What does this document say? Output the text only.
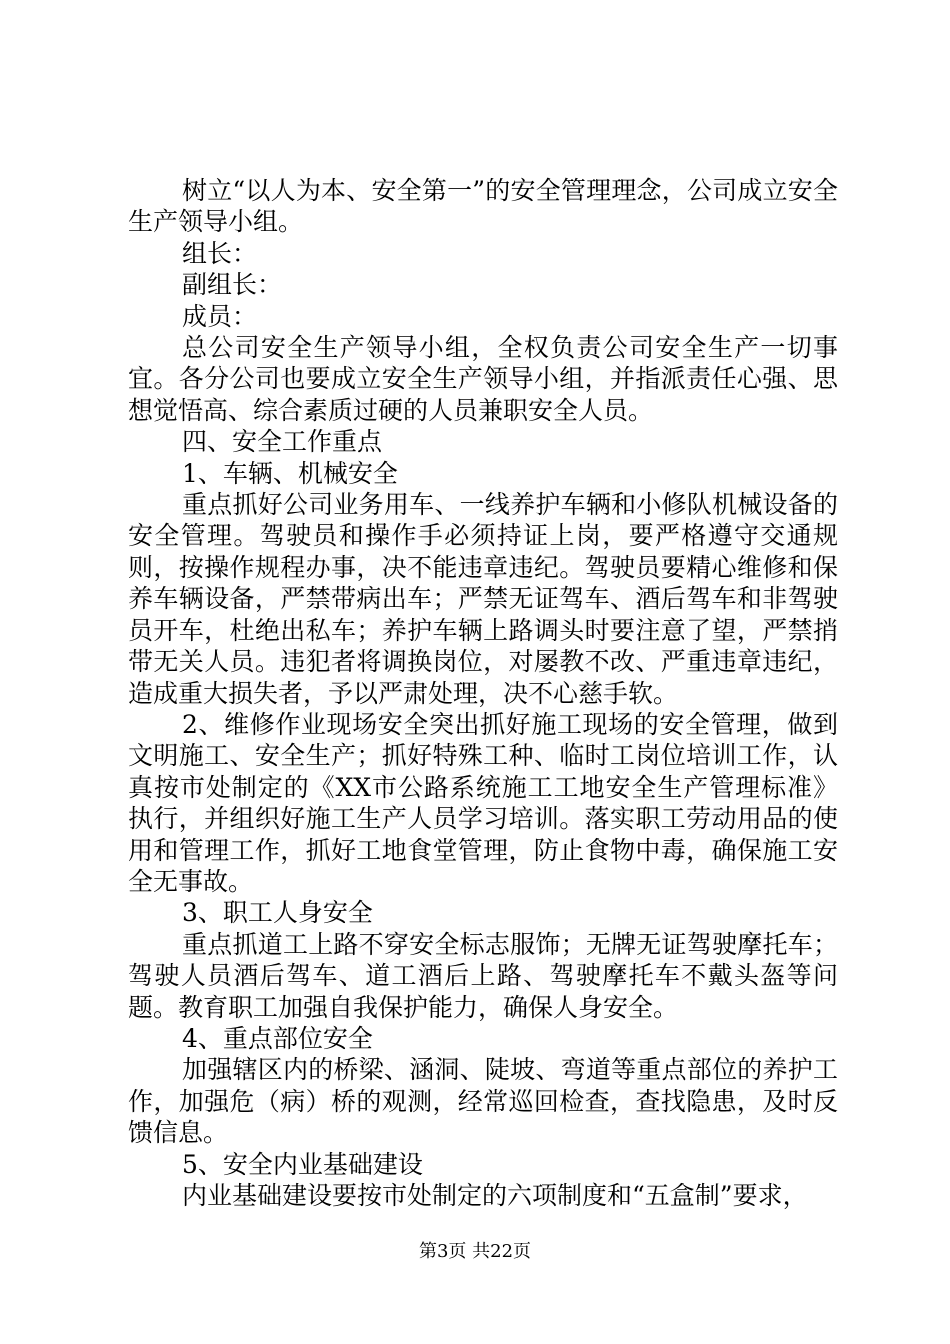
树立“以人为本、安全第一”的安全管理理念，公司成立安全生产领导小组。

组长：

副组长：

成员：

总公司安全生产领导小组，全权负责公司安全生产一切事宜。各分公司也要成立安全生产领导小组，并指派责任心强、思想觉悟高、综合素质过硬的人员兼职安全人员。

四、安全工作重点

1、车辆、机械安全

重点抓好公司业务用车、一线养护车辆和小修队机械设备的安全管理。驾驶员和操作手必须持证上岗，要严格遵守交通规则，按操作规程办事，决不能违章违纪。驾驶员要精心维修和保养车辆设备，严禁带病出车；严禁无证驾车、酒后驾车和非驾驶员开车，杜绝出私车；养护车辆上路调头时要注意了望，严禁捎带无关人员。违犯者将调换岗位，对屡教不改、严重违章违纪，造成重大损失者，予以严肃处理，决不心慈手软。

2、维修作业现场安全突出抓好施工现场的安全管理，做到文明施工、安全生产；抓好特殊工种、临时工岗位培训工作，认真按市处制定的《XX市公路系统施工工地安全生产管理标准》执行，并组织好施工生产人员学习培训。落实职工劳动用品的使用和管理工作，抓好工地食堂管理，防止食物中毒，确保施工安全无事故。

3、职工人身安全

重点抓道工上路不穿安全标志服饰；无牌无证驾驶摩托车；驾驶人员酒后驾车、道工酒后上路、驾驶摩托车不戴头盔等问题。教育职工加强自我保护能力，确保人身安全。

4、重点部位安全

加强辖区内的桥梁、涵洞、陡坡、弯道等重点部位的养护工作，加强危（病）桥的观测，经常巡回检查，查找隐患，及时反馈信息。

5、安全内业基础建设

内业基础建设要按市处制定的六项制度和“五盒制”要求，

第3页 共22页
